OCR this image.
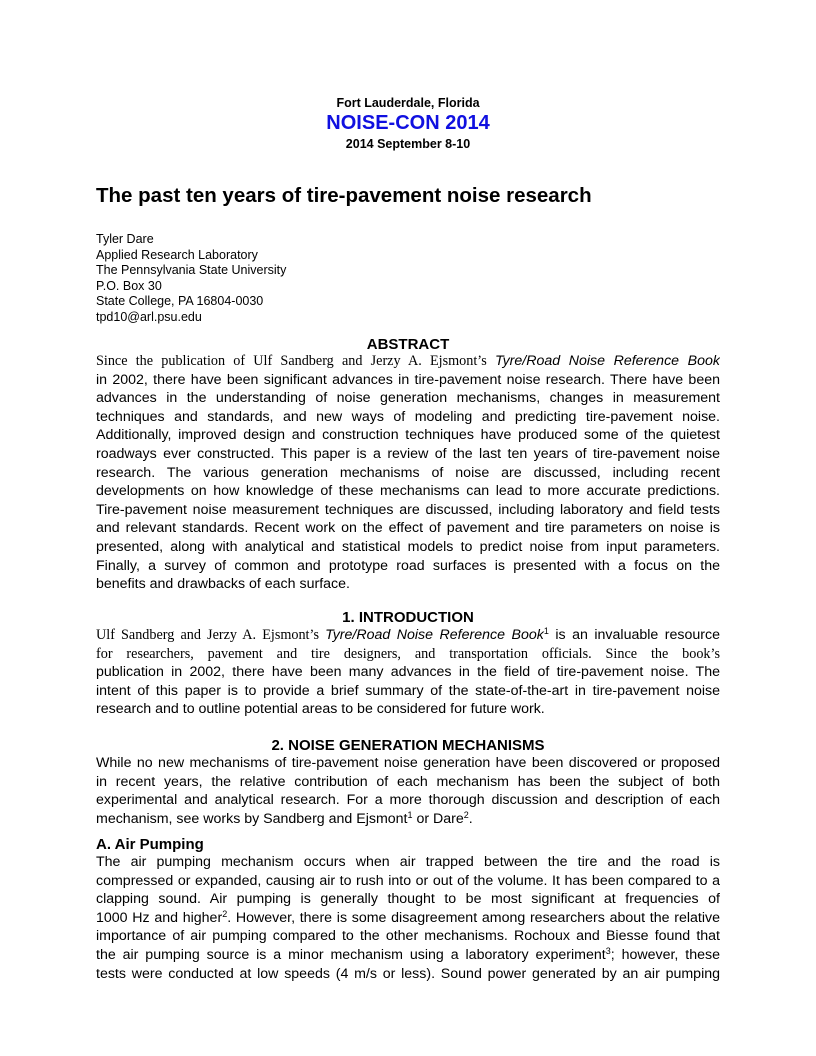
Fort Lauderdale, Florida
NOISE-CON 2014
2014 September 8-10
The past ten years of tire-pavement noise research
Tyler Dare
Applied Research Laboratory
The Pennsylvania State University
P.O. Box 30
State College, PA 16804-0030
tpd10@arl.psu.edu
ABSTRACT
Since the publication of Ulf Sandberg and Jerzy A. Ejsmont’s Tyre/Road Noise Reference Book
in 2002, there have been significant advances in tire-pavement noise research. There have been
advances in the understanding of noise generation mechanisms, changes in measurement
techniques and standards, and new ways of modeling and predicting tire-pavement noise.
Additionally, improved design and construction techniques have produced some of the quietest
roadways ever constructed. This paper is a review of the last ten years of tire-pavement noise
research. The various generation mechanisms of noise are discussed, including recent
developments on how knowledge of these mechanisms can lead to more accurate predictions.
Tire-pavement noise measurement techniques are discussed, including laboratory and field tests
and relevant standards. Recent work on the effect of pavement and tire parameters on noise is
presented, along with analytical and statistical models to predict noise from input parameters.
Finally, a survey of common and prototype road surfaces is presented with a focus on the
benefits and drawbacks of each surface.
1. INTRODUCTION
Ulf Sandberg and Jerzy A. Ejsmont’s Tyre/Road Noise Reference Book$^1$ is an invaluable resource
for researchers, pavement and tire designers, and transportation officials. Since the book’s
publication in 2002, there have been many advances in the field of tire-pavement noise. The
intent of this paper is to provide a brief summary of the state-of-the-art in tire-pavement noise
research and to outline potential areas to be considered for future work.
2. NOISE GENERATION MECHANISMS
While no new mechanisms of tire-pavement noise generation have been discovered or proposed
in recent years, the relative contribution of each mechanism has been the subject of both
experimental and analytical research. For a more thorough discussion and description of each
mechanism, see works by Sandberg and Ejsmont$^1$ or Dare$^2$.
A. Air Pumping
The air pumping mechanism occurs when air trapped between the tire and the road is
compressed or expanded, causing air to rush into or out of the volume. It has been compared to a
clapping sound. Air pumping is generally thought to be most significant at frequencies of
1000 Hz and higher$^2$. However, there is some disagreement among researchers about the relative
importance of air pumping compared to the other mechanisms. Rochoux and Biesse found that
the air pumping source is a minor mechanism using a laboratory experiment$^3$; however, these
tests were conducted at low speeds (4 m/s or less). Sound power generated by an air pumping
